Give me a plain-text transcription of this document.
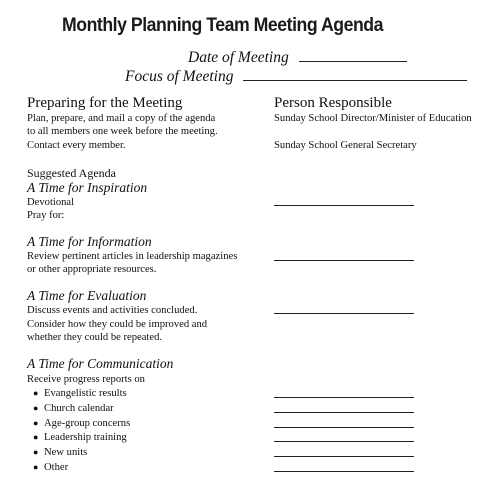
Monthly Planning Team Meeting Agenda
Date of Meeting
Focus of Meeting
Preparing for the Meeting
Plan, prepare, and mail a copy of the agenda
to all members one week before the meeting.
Contact every member.
Person Responsible
Sunday School Director/Minister of Education
Sunday School General Secretary
Suggested Agenda
A Time for Inspiration
Devotional
Pray for:
A Time for Information
Review pertinent articles in leadership magazines
or other appropriate resources.
A Time for Evaluation
Discuss events and activities concluded.
Consider how they could be improved and
whether they could be repeated.
A Time for Communication
Receive progress reports on
● Evangelistic results
● Church calendar
● Age-group concerns
● Leadership training
● New units
● Other
